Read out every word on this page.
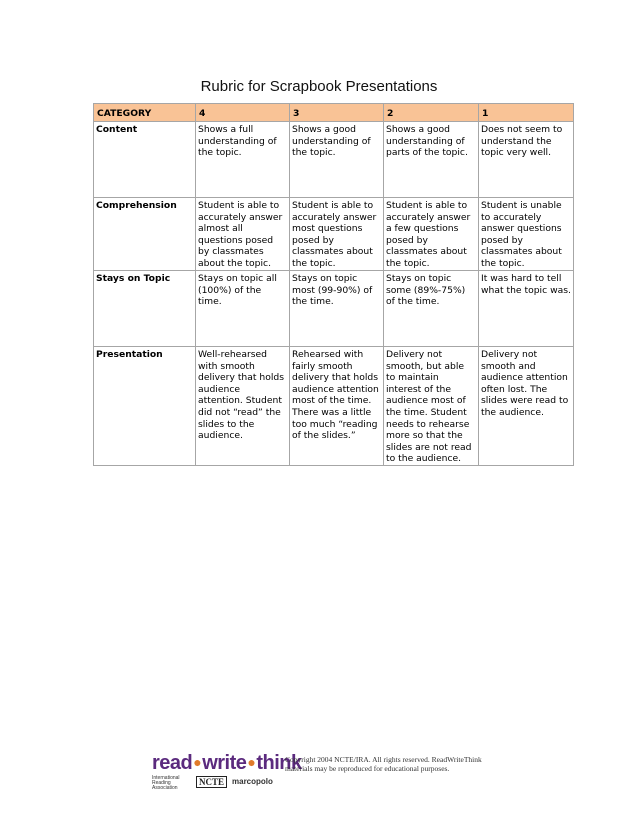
Rubric for Scrapbook Presentations
CATEGORY	4	3	2	1
Content	Shows a full understanding of the topic.	Shows a good understanding of the topic.	Shows a good understanding of parts of the topic.	Does not seem to understand the topic very well.
Comprehension	Student is able to accurately answer almost all questions posed by classmates about the topic.	Student is able to accurately answer most questions posed by classmates about the topic.	Student is able to accurately answer a few questions posed by classmates about the topic.	Student is unable to accurately answer questions posed by classmates about the topic.
Stays on Topic	Stays on topic all (100%) of the time.	Stays on topic most (99-90%) of the time.	Stays on topic some (89%-75%) of the time.	It was hard to tell what the topic was.
Presentation	Well-rehearsed with smooth delivery that holds audience attention. Student did not “read” the slides to the audience.	Rehearsed with fairly smooth delivery that holds audience attention most of the time. There was a little too much “reading of the slides.”	Delivery not smooth, but able to maintain interest of the audience most of the time. Student needs to rehearse more so that the slides are not read to the audience.	Delivery not smooth and audience attention often lost. The slides were read to the audience.
read●write●think
International Reading Association
NCTE marcopolo
Copyright 2004 NCTE/IRA. All rights reserved. ReadWriteThink materials may be reproduced for educational purposes.
